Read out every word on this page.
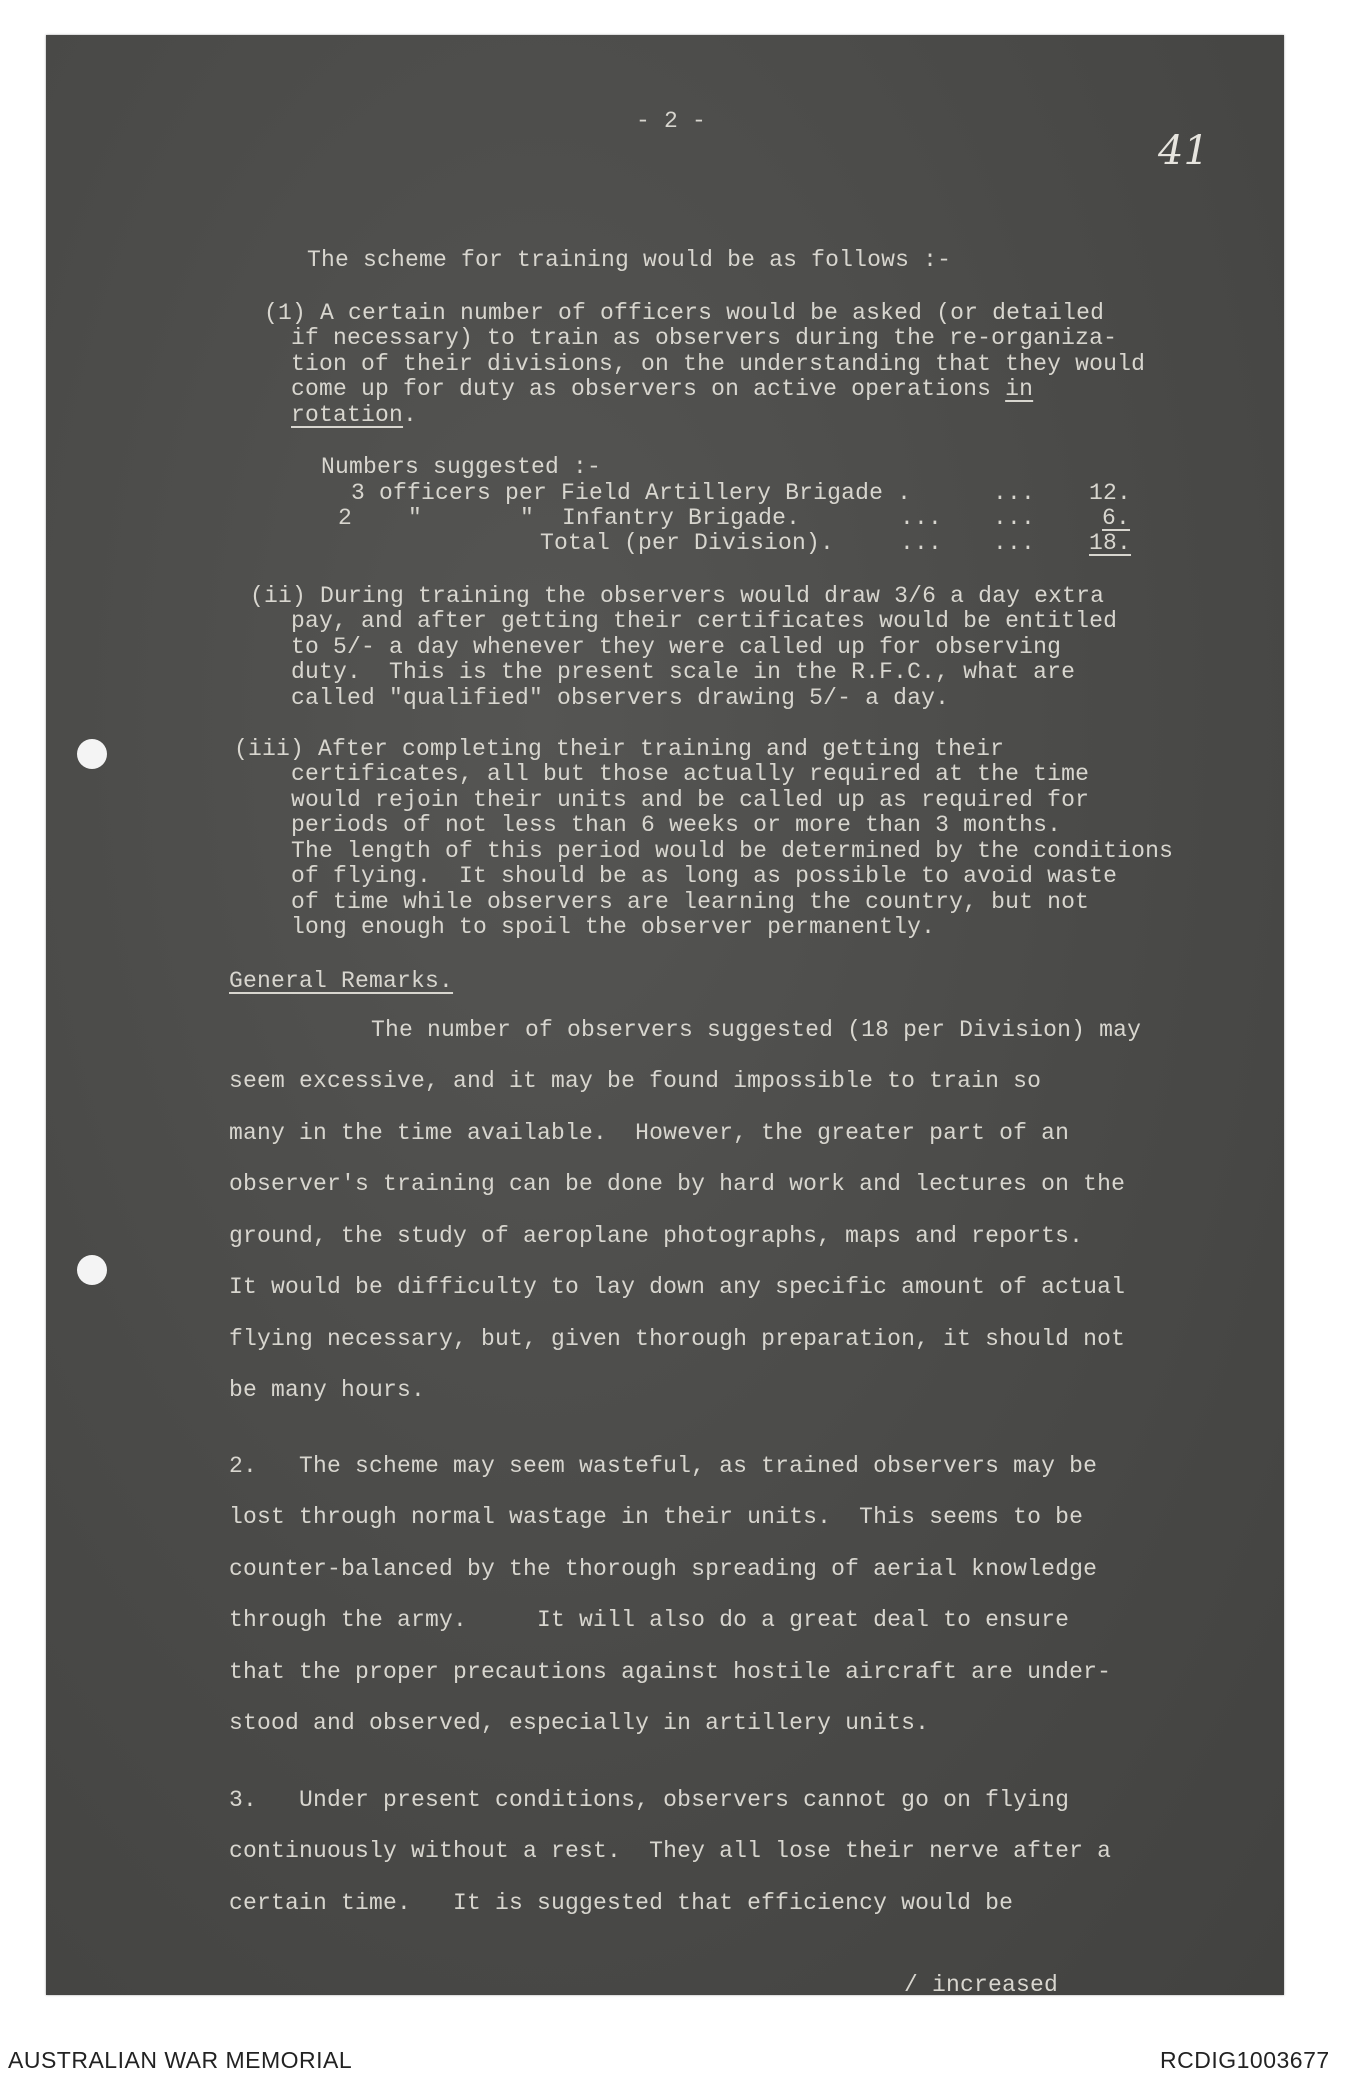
- 2 -
41
The scheme for training would be as follows :-
(1) A certain number of officers would be asked (or detailed
if necessary) to train as observers during the re-organiza-
tion of their divisions, on the understanding that they would
come up for duty as observers on active operations in
rotation.
Numbers suggested :-
3 officers per Field Artillery Brigade .	... 12.
2    "       "  Infantry Brigade.	... ...	6.
Total (per Division).	... ... 18.
(ii) During training the observers would draw 3/6 a day extra
pay, and after getting their certificates would be entitled
to 5/- a day whenever they were called up for observing
duty.  This is the present scale in the R.F.C., what are
called "qualified" observers drawing 5/- a day.
(iii) After completing their training and getting their
certificates, all but those actually required at the time
would rejoin their units and be called up as required for
periods of not less than 6 weeks or more than 3 months.
The length of this period would be determined by the conditions
of flying.  It should be as long as possible to avoid waste
of time while observers are learning the country, but not
long enough to spoil the observer permanently.
General Remarks.
The number of observers suggested (18 per Division) may
seem excessive, and it may be found impossible to train so
many in the time available.  However, the greater part of an
observer's training can be done by hard work and lectures on the
ground, the study of aeroplane photographs, maps and reports.
It would be difficulty to lay down any specific amount of actual
flying necessary, but, given thorough preparation, it should not
be many hours.
2.   The scheme may seem wasteful, as trained observers may be
lost through normal wastage in their units.  This seems to be
counter-balanced by the thorough spreading of aerial knowledge
through the army.     It will also do a great deal to ensure
that the proper precautions against hostile aircraft are under-
stood and observed, especially in artillery units.
3.   Under present conditions, observers cannot go on flying
continuously without a rest.  They all lose their nerve after a
certain time.   It is suggested that efficiency would be
/ increased
AUSTRALIAN WAR MEMORIAL	RCDIG1003677
